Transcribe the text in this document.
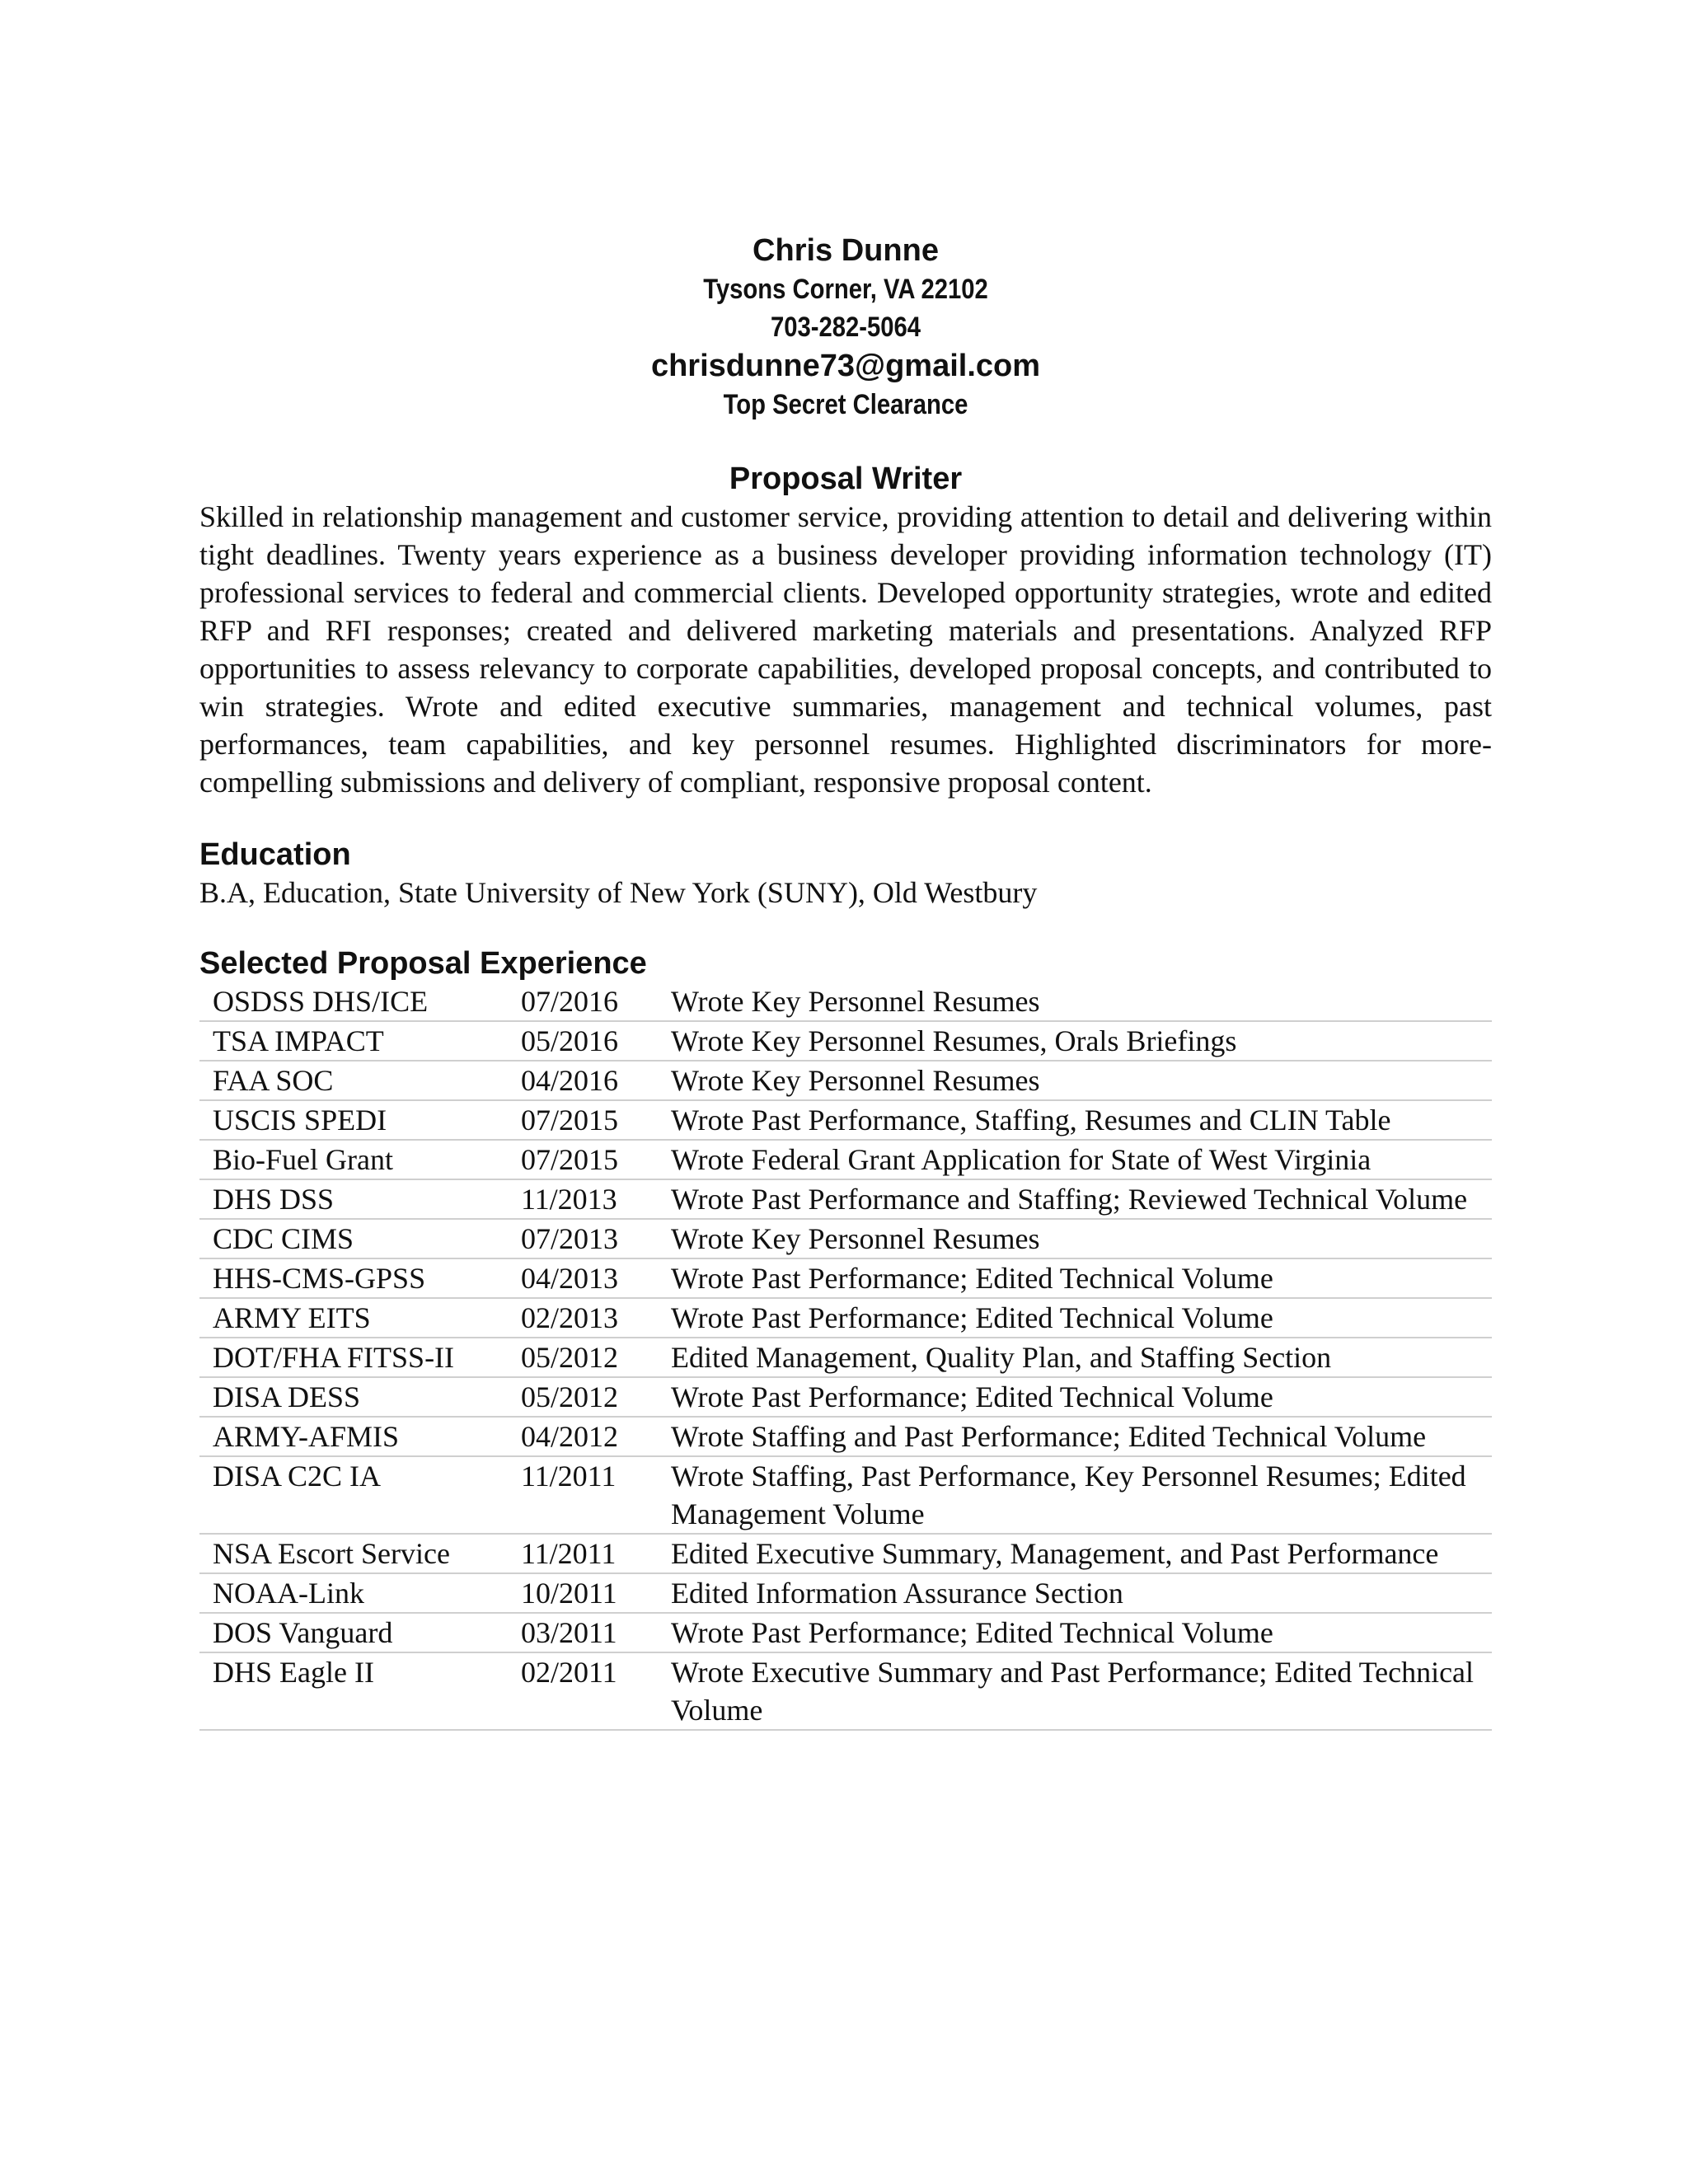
Chris Dunne
Tysons Corner, VA 22102
703-282-5064
chrisdunne73@gmail.com
Top Secret Clearance
Proposal Writer

Skilled in relationship management and customer service, providing attention to detail and delivering within tight deadlines. Twenty years experience as a business developer providing information technology (IT) professional services to federal and commercial clients. Developed opportunity strategies, wrote and edited RFP and RFI responses; created and delivered marketing materials and presentations. Analyzed RFP opportunities to assess relevancy to corporate capabilities, developed proposal concepts, and contributed to win strategies. Wrote and edited executive summaries, management and technical volumes, past performances, team capabilities, and key personnel resumes. Highlighted discriminators for more-compelling submissions and delivery of compliant, responsive proposal content.

Education
B.A, Education, State University of New York (SUNY), Old Westbury
Selected Proposal Experience
OSDSS DHS/ICE	07/2016	Wrote Key Personnel Resumes
TSA IMPACT	05/2016	Wrote Key Personnel Resumes, Orals Briefings
FAA SOC	04/2016	Wrote Key Personnel Resumes
USCIS SPEDI	07/2015	Wrote Past Performance, Staffing, Resumes and CLIN Table
Bio-Fuel Grant	07/2015	Wrote Federal Grant Application for State of West Virginia
DHS DSS	11/2013	Wrote Past Performance and Staffing; Reviewed Technical Volume
CDC CIMS	07/2013	Wrote Key Personnel Resumes
HHS-CMS-GPSS	04/2013	Wrote Past Performance; Edited Technical Volume
ARMY EITS	02/2013	Wrote Past Performance; Edited Technical Volume
DOT/FHA FITSS-II	05/2012	Edited Management, Quality Plan, and Staffing Section
DISA DESS	05/2012	Wrote Past Performance; Edited Technical Volume
ARMY-AFMIS	04/2012	Wrote Staffing and Past Performance; Edited Technical Volume
DISA C2C IA	11/2011	Wrote Staffing, Past Performance, Key Personnel Resumes; Edited Management Volume
NSA Escort Service	11/2011	Edited Executive Summary, Management, and Past Performance
NOAA-Link	10/2011	Edited Information Assurance Section
DOS Vanguard	03/2011	Wrote Past Performance; Edited Technical Volume
DHS Eagle II	02/2011	Wrote Executive Summary and Past Performance; Edited Technical Volume
